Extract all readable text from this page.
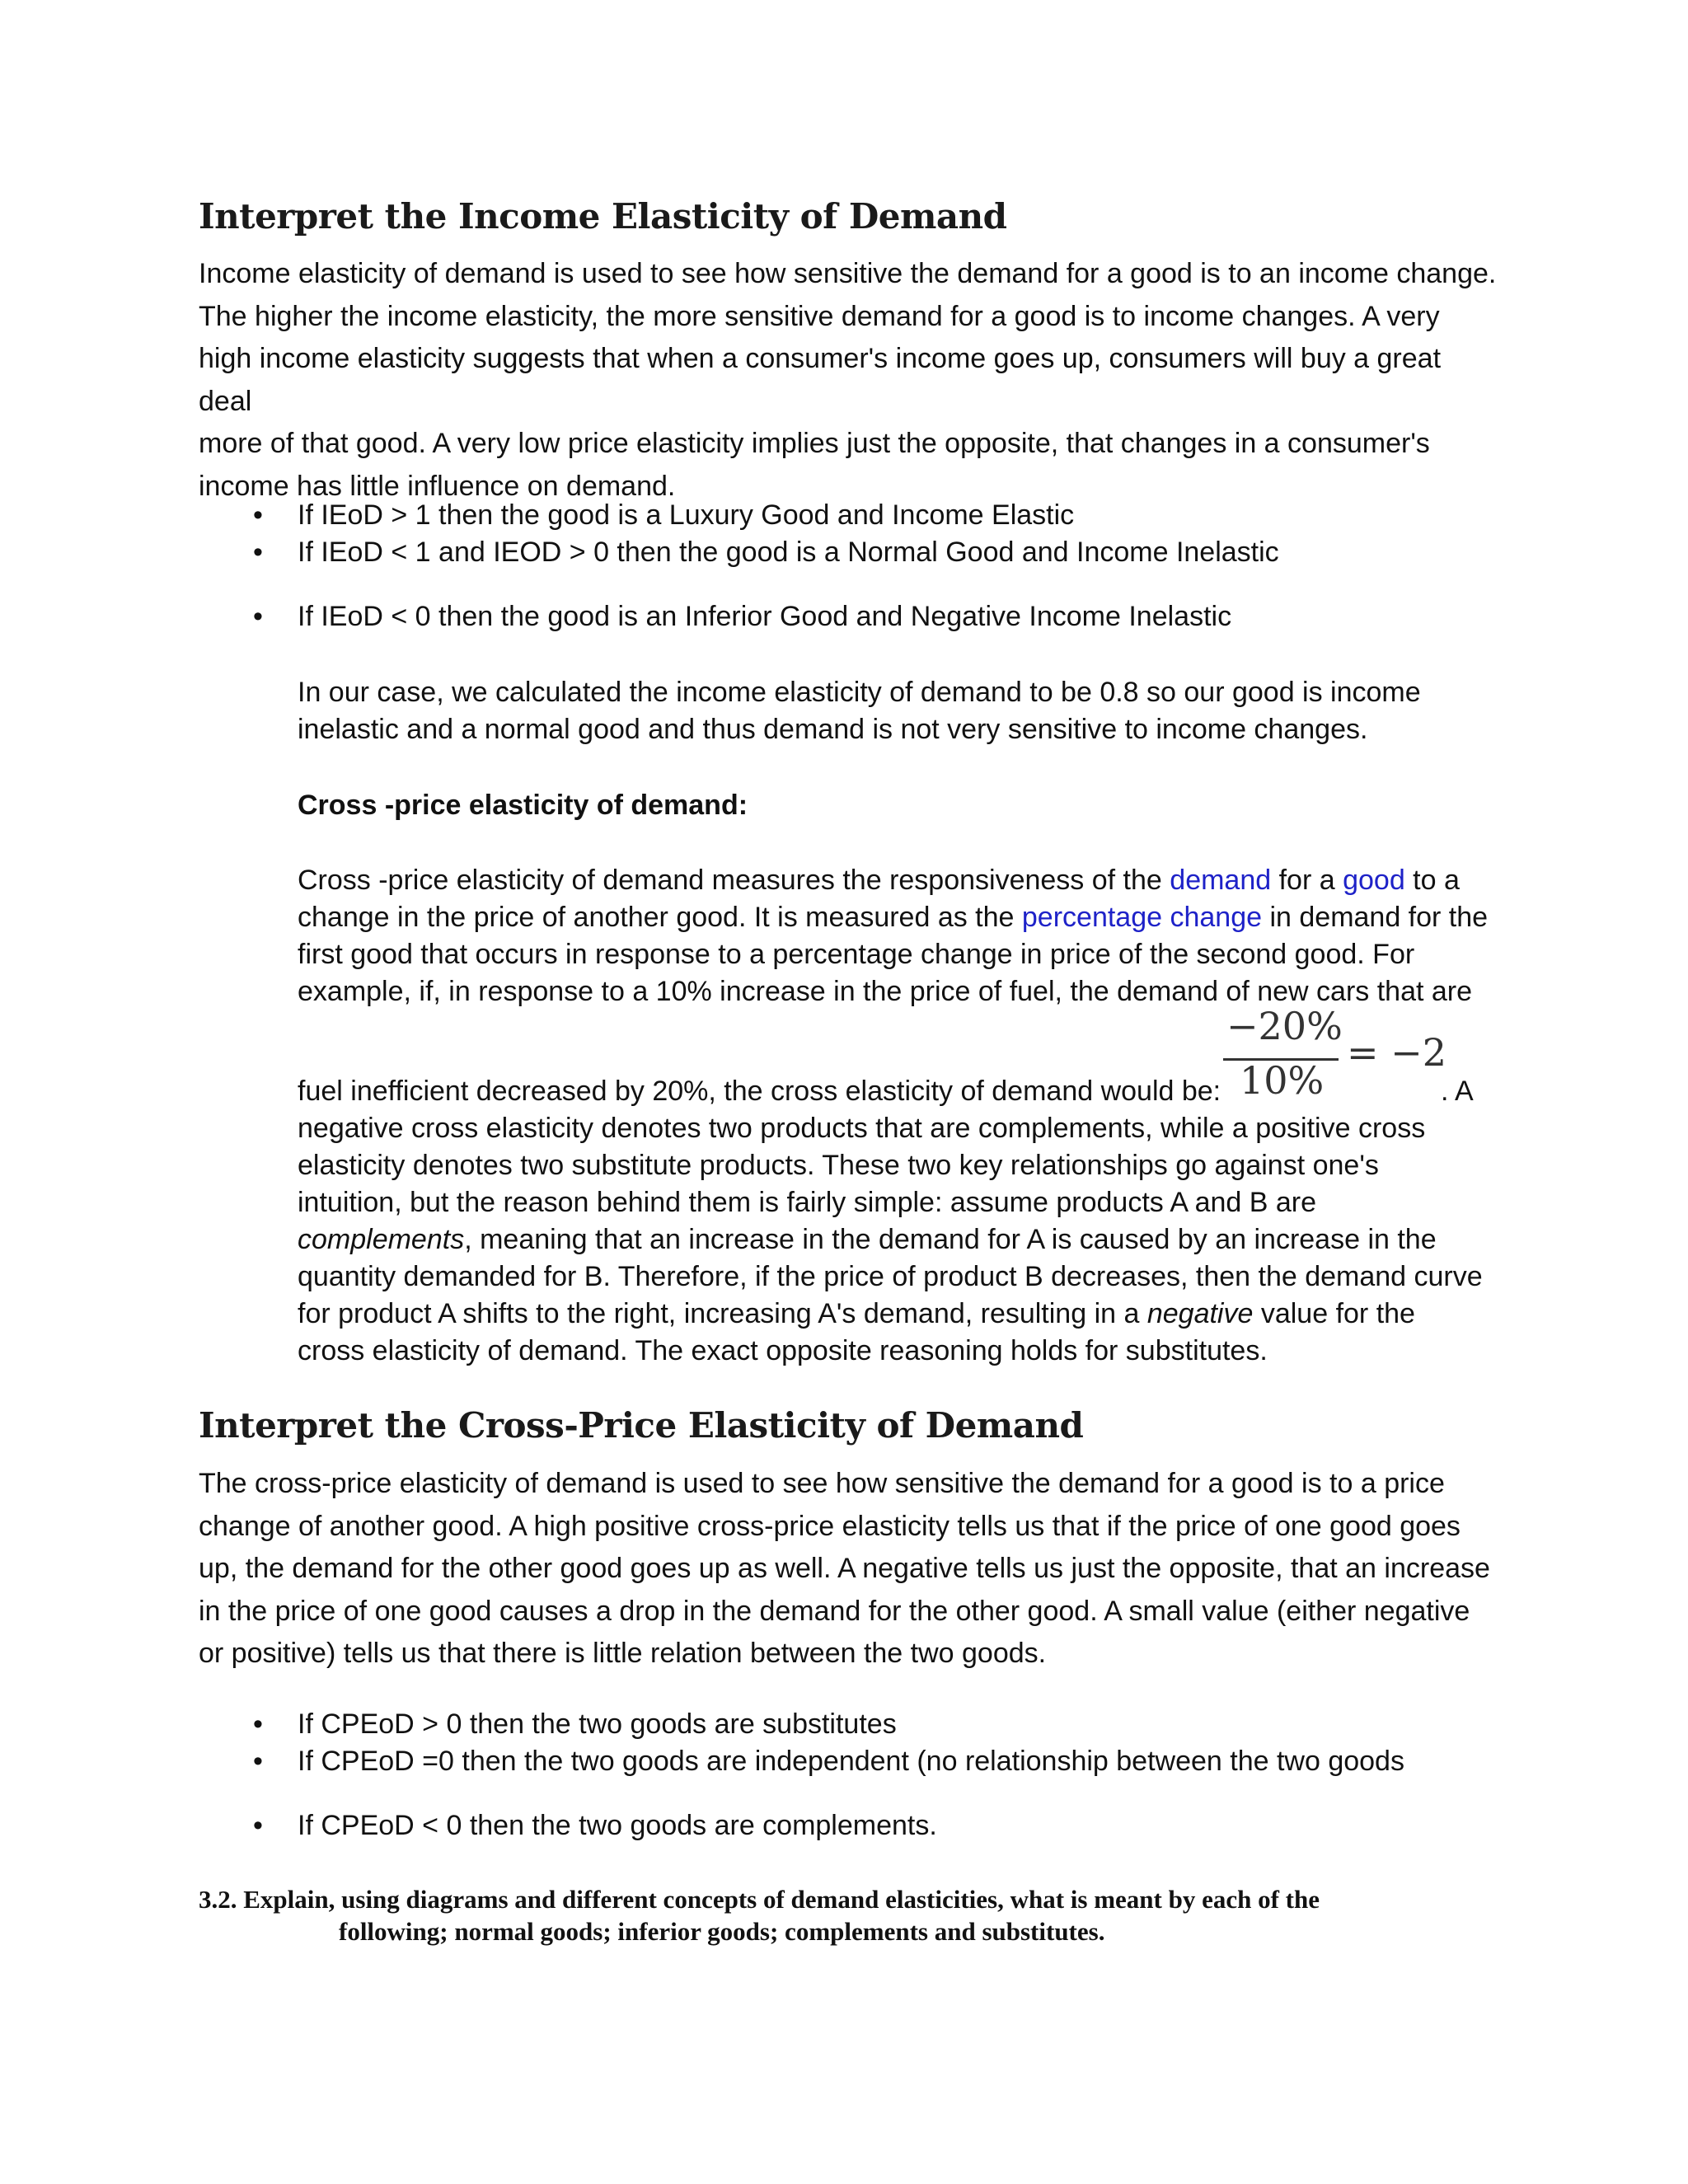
Interpret the Income Elasticity of Demand
Income elasticity of demand is used to see how sensitive the demand for a good is to an income change.
The higher the income elasticity, the more sensitive demand for a good is to income changes. A very
high income elasticity suggests that when a consumer's income goes up, consumers will buy a great deal
more of that good. A very low price elasticity implies just the opposite, that changes in a consumer's
income has little influence on demand.
• If IEoD > 1 then the good is a Luxury Good and Income Elastic
• If IEoD < 1 and IEOD > 0 then the good is a Normal Good and Income Inelastic
• If IEoD < 0 then the good is an Inferior Good and Negative Income Inelastic
In our case, we calculated the income elasticity of demand to be 0.8 so our good is income
inelastic and a normal good and thus demand is not very sensitive to income changes.
Cross -price elasticity of demand:
Cross -price elasticity of demand measures the responsiveness of the demand for a good to a
change in the price of another good. It is measured as the percentage change in demand for the
first good that occurs in response to a percentage change in price of the second good. For
example, if, in response to a 10% increase in the price of fuel, the demand of new cars that are
−20%
10%
= −2
fuel inefficient decreased by 20%, the cross elasticity of demand would be:	. A
negative cross elasticity denotes two products that are complements, while a positive cross
elasticity denotes two substitute products. These two key relationships go against one's
intuition, but the reason behind them is fairly simple: assume products A and B are
complements, meaning that an increase in the demand for A is caused by an increase in the
quantity demanded for B. Therefore, if the price of product B decreases, then the demand curve
for product A shifts to the right, increasing A's demand, resulting in a negative value for the
cross elasticity of demand. The exact opposite reasoning holds for substitutes.
Interpret the Cross-Price Elasticity of Demand
The cross-price elasticity of demand is used to see how sensitive the demand for a good is to a price
change of another good. A high positive cross-price elasticity tells us that if the price of one good goes
up, the demand for the other good goes up as well. A negative tells us just the opposite, that an increase
in the price of one good causes a drop in the demand for the other good. A small value (either negative
or positive) tells us that there is little relation between the two goods.
• If CPEoD > 0 then the two goods are substitutes
• If CPEoD =0 then the two goods are independent (no relationship between the two goods
• If CPEoD < 0 then the two goods are complements.
3.2. Explain, using diagrams and different concepts of demand elasticities, what is meant by each of the
following; normal goods; inferior goods; complements and substitutes.
